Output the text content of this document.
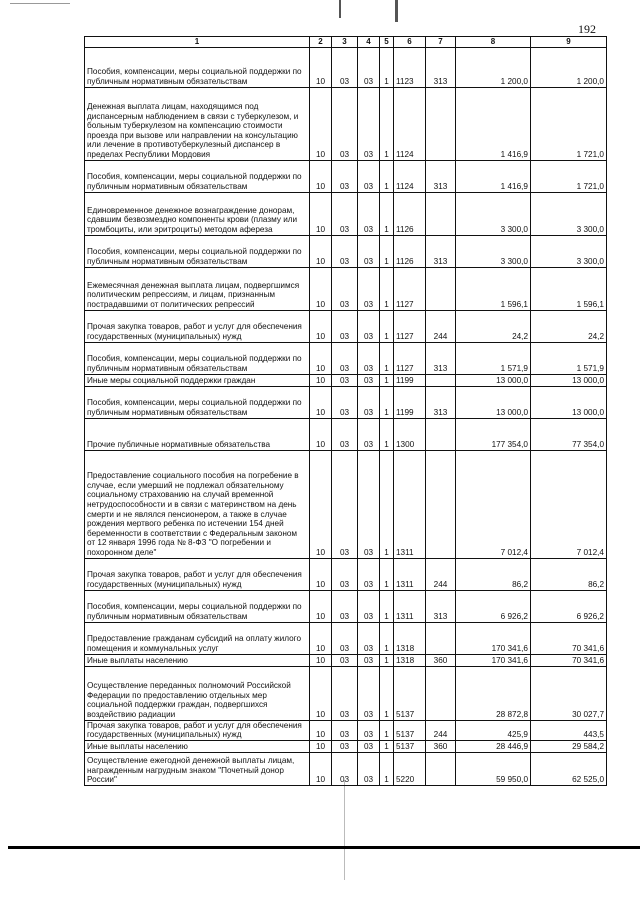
192
1	2	3	4	5	6	7	8	9
Пособия, компенсации, меры социальной поддержки по публичным нормативным обязательствам	10	03	03	1	1123	313	1 200,0	1 200,0
Денежная выплата лицам, находящимся под диспансерным наблюдением в связи с туберкулезом, и больным туберкулезом на компенсацию стоимости проезда при вызове или направлении на консультацию или лечение в противотуберкулезный диспансер в пределах Республики Мордовия	10	03	03	1	1124		1 416,9	1 721,0
Пособия, компенсации, меры социальной поддержки по публичным нормативным обязательствам	10	03	03	1	1124	313	1 416,9	1 721,0
Единовременное денежное вознаграждение донорам, сдавшим безвозмездно компоненты крови (плазму или тромбоциты, или эритроциты) методом афереза	10	03	03	1	1126		3 300,0	3 300,0
Пособия, компенсации, меры социальной поддержки по публичным нормативным обязательствам	10	03	03	1	1126	313	3 300,0	3 300,0
Ежемесячная денежная выплата лицам, подвергшимся политическим репрессиям, и лицам, признанным пострадавшими от политических репрессий	10	03	03	1	1127		1 596,1	1 596,1
Прочая закупка товаров, работ и услуг для обеспечения государственных (муниципальных) нужд	10	03	03	1	1127	244	24,2	24,2
Пособия, компенсации, меры социальной поддержки по публичным нормативным обязательствам	10	03	03	1	1127	313	1 571,9	1 571,9
Иные меры социальной поддержки граждан	10	03	03	1	1199		13 000,0	13 000,0
Пособия, компенсации, меры социальной поддержки по публичным нормативным обязательствам	10	03	03	1	1199	313	13 000,0	13 000,0
Прочие публичные нормативные обязательства	10	03	03	1	1300		177 354,0	77 354,0
Предоставление социального пособия на погребение в случае, если умерший не подлежал обязательному социальному страхованию на случай временной нетрудоспособности и в связи с материнством на день смерти и не являлся пенсионером, а также в случае рождения мертвого ребенка по истечении 154 дней беременности в соответствии с Федеральным законом от 12 января 1996 года № 8-ФЗ "О погребении и похоронном деле"	10	03	03	1	1311		7 012,4	7 012,4
Прочая закупка товаров, работ и услуг для обеспечения государственных (муниципальных) нужд	10	03	03	1	1311	244	86,2	86,2
Пособия, компенсации, меры социальной поддержки по публичным нормативным обязательствам	10	03	03	1	1311	313	6 926,2	6 926,2
Предоставление гражданам субсидий на оплату жилого помещения и коммунальных услуг	10	03	03	1	1318		170 341,6	70 341,6
Иные выплаты населению	10	03	03	1	1318	360	170 341,6	70 341,6
Осуществление переданных полномочий Российской Федерации по предоставлению отдельных мер социальной поддержки граждан, подвергшихся воздействию радиации	10	03	03	1	5137		28 872,8	30 027,7
Прочая закупка товаров, работ и услуг для обеспечения государственных (муниципальных) нужд	10	03	03	1	5137	244	425,9	443,5
Иные выплаты населению	10	03	03	1	5137	360	28 446,9	29 584,2
Осуществление ежегодной денежной выплаты лицам, награжденным нагрудным знаком "Почетный донор России"	10	03	03	1	5220		59 950,0	62 525,0
